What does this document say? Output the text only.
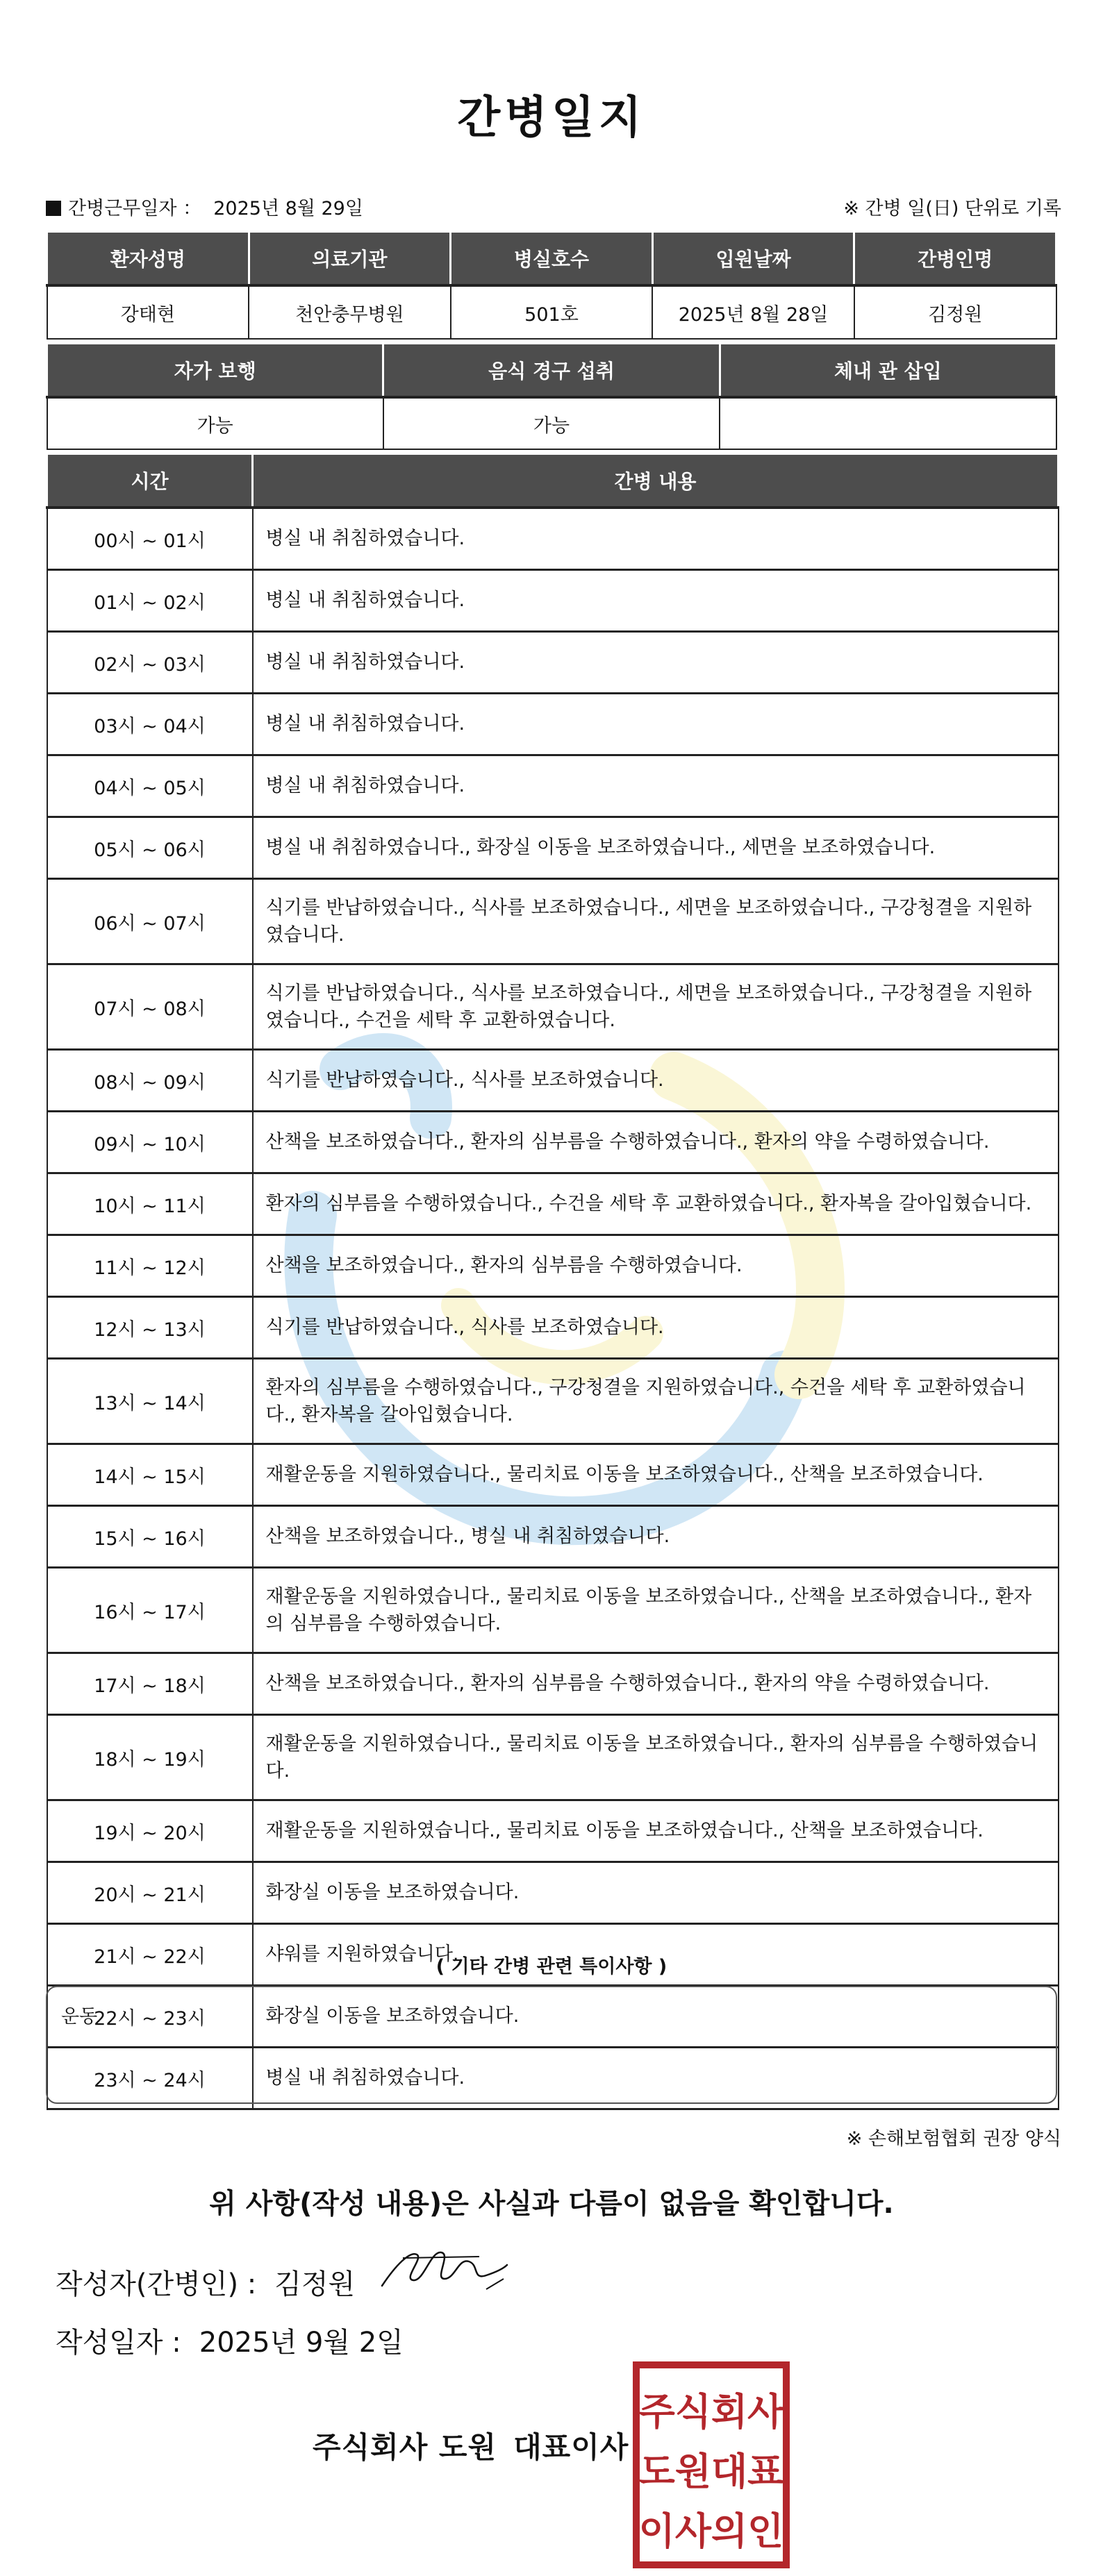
간병일지
간병근무일자 ： 2025년 8월 29일	※ 간병 일(日) 단위로 기록
환자성명	의료기관	병실호수	입원날짜	간병인명
강태현	천안충무병원	501호	2025년 8월 28일	김정원
자가 보행	음식 경구 섭취	체내 관 삽입
가능	가능	
시간	간병 내용
00시 ~ 01시	병실 내 취침하였습니다.
01시 ~ 02시	병실 내 취침하였습니다.
02시 ~ 03시	병실 내 취침하였습니다.
03시 ~ 04시	병실 내 취침하였습니다.
04시 ~ 05시	병실 내 취침하였습니다.
05시 ~ 06시	병실 내 취침하였습니다., 화장실 이동을 보조하였습니다., 세면을 보조하였습니다.
06시 ~ 07시	식기를 반납하였습니다., 식사를 보조하였습니다., 세면을 보조하였습니다., 구강청결을 지원하였습니다.
07시 ~ 08시	식기를 반납하였습니다., 식사를 보조하였습니다., 세면을 보조하였습니다., 구강청결을 지원하였습니다., 수건을 세탁 후 교환하였습니다.
08시 ~ 09시	식기를 반납하였습니다., 식사를 보조하였습니다.
09시 ~ 10시	산책을 보조하였습니다., 환자의 심부름을 수행하였습니다., 환자의 약을 수령하였습니다.
10시 ~ 11시	환자의 심부름을 수행하였습니다., 수건을 세탁 후 교환하였습니다., 환자복을 갈아입혔습니다.
11시 ~ 12시	산책을 보조하였습니다., 환자의 심부름을 수행하였습니다.
12시 ~ 13시	식기를 반납하였습니다., 식사를 보조하였습니다.
13시 ~ 14시	환자의 심부름을 수행하였습니다., 구강청결을 지원하였습니다., 수건을 세탁 후 교환하였습니다., 환자복을 갈아입혔습니다.
14시 ~ 15시	재활운동을 지원하였습니다., 물리치료 이동을 보조하였습니다., 산책을 보조하였습니다.
15시 ~ 16시	산책을 보조하였습니다., 병실 내 취침하였습니다.
16시 ~ 17시	재활운동을 지원하였습니다., 물리치료 이동을 보조하였습니다., 산책을 보조하였습니다., 환자의 심부름을 수행하였습니다.
17시 ~ 18시	산책을 보조하였습니다., 환자의 심부름을 수행하였습니다., 환자의 약을 수령하였습니다.
18시 ~ 19시	재활운동을 지원하였습니다., 물리치료 이동을 보조하였습니다., 환자의 심부름을 수행하였습니다.
19시 ~ 20시	재활운동을 지원하였습니다., 물리치료 이동을 보조하였습니다., 산책을 보조하였습니다.
20시 ~ 21시	화장실 이동을 보조하였습니다.
21시 ~ 22시	샤워를 지원하였습니다.
22시 ~ 23시	화장실 이동을 보조하였습니다.
23시 ~ 24시	병실 내 취침하였습니다.
( 기타 간병 관련 특이사항 )
운동
※ 손해보험협회 권장 양식
위 사항(작성 내용)은 사실과 다름이 없음을 확인합니다.
작성자(간병인) : 김정원
작성일자 : 2025년 9월 2일
주식회사 도원 대표이사
주식회사
도원대표
이사의인
